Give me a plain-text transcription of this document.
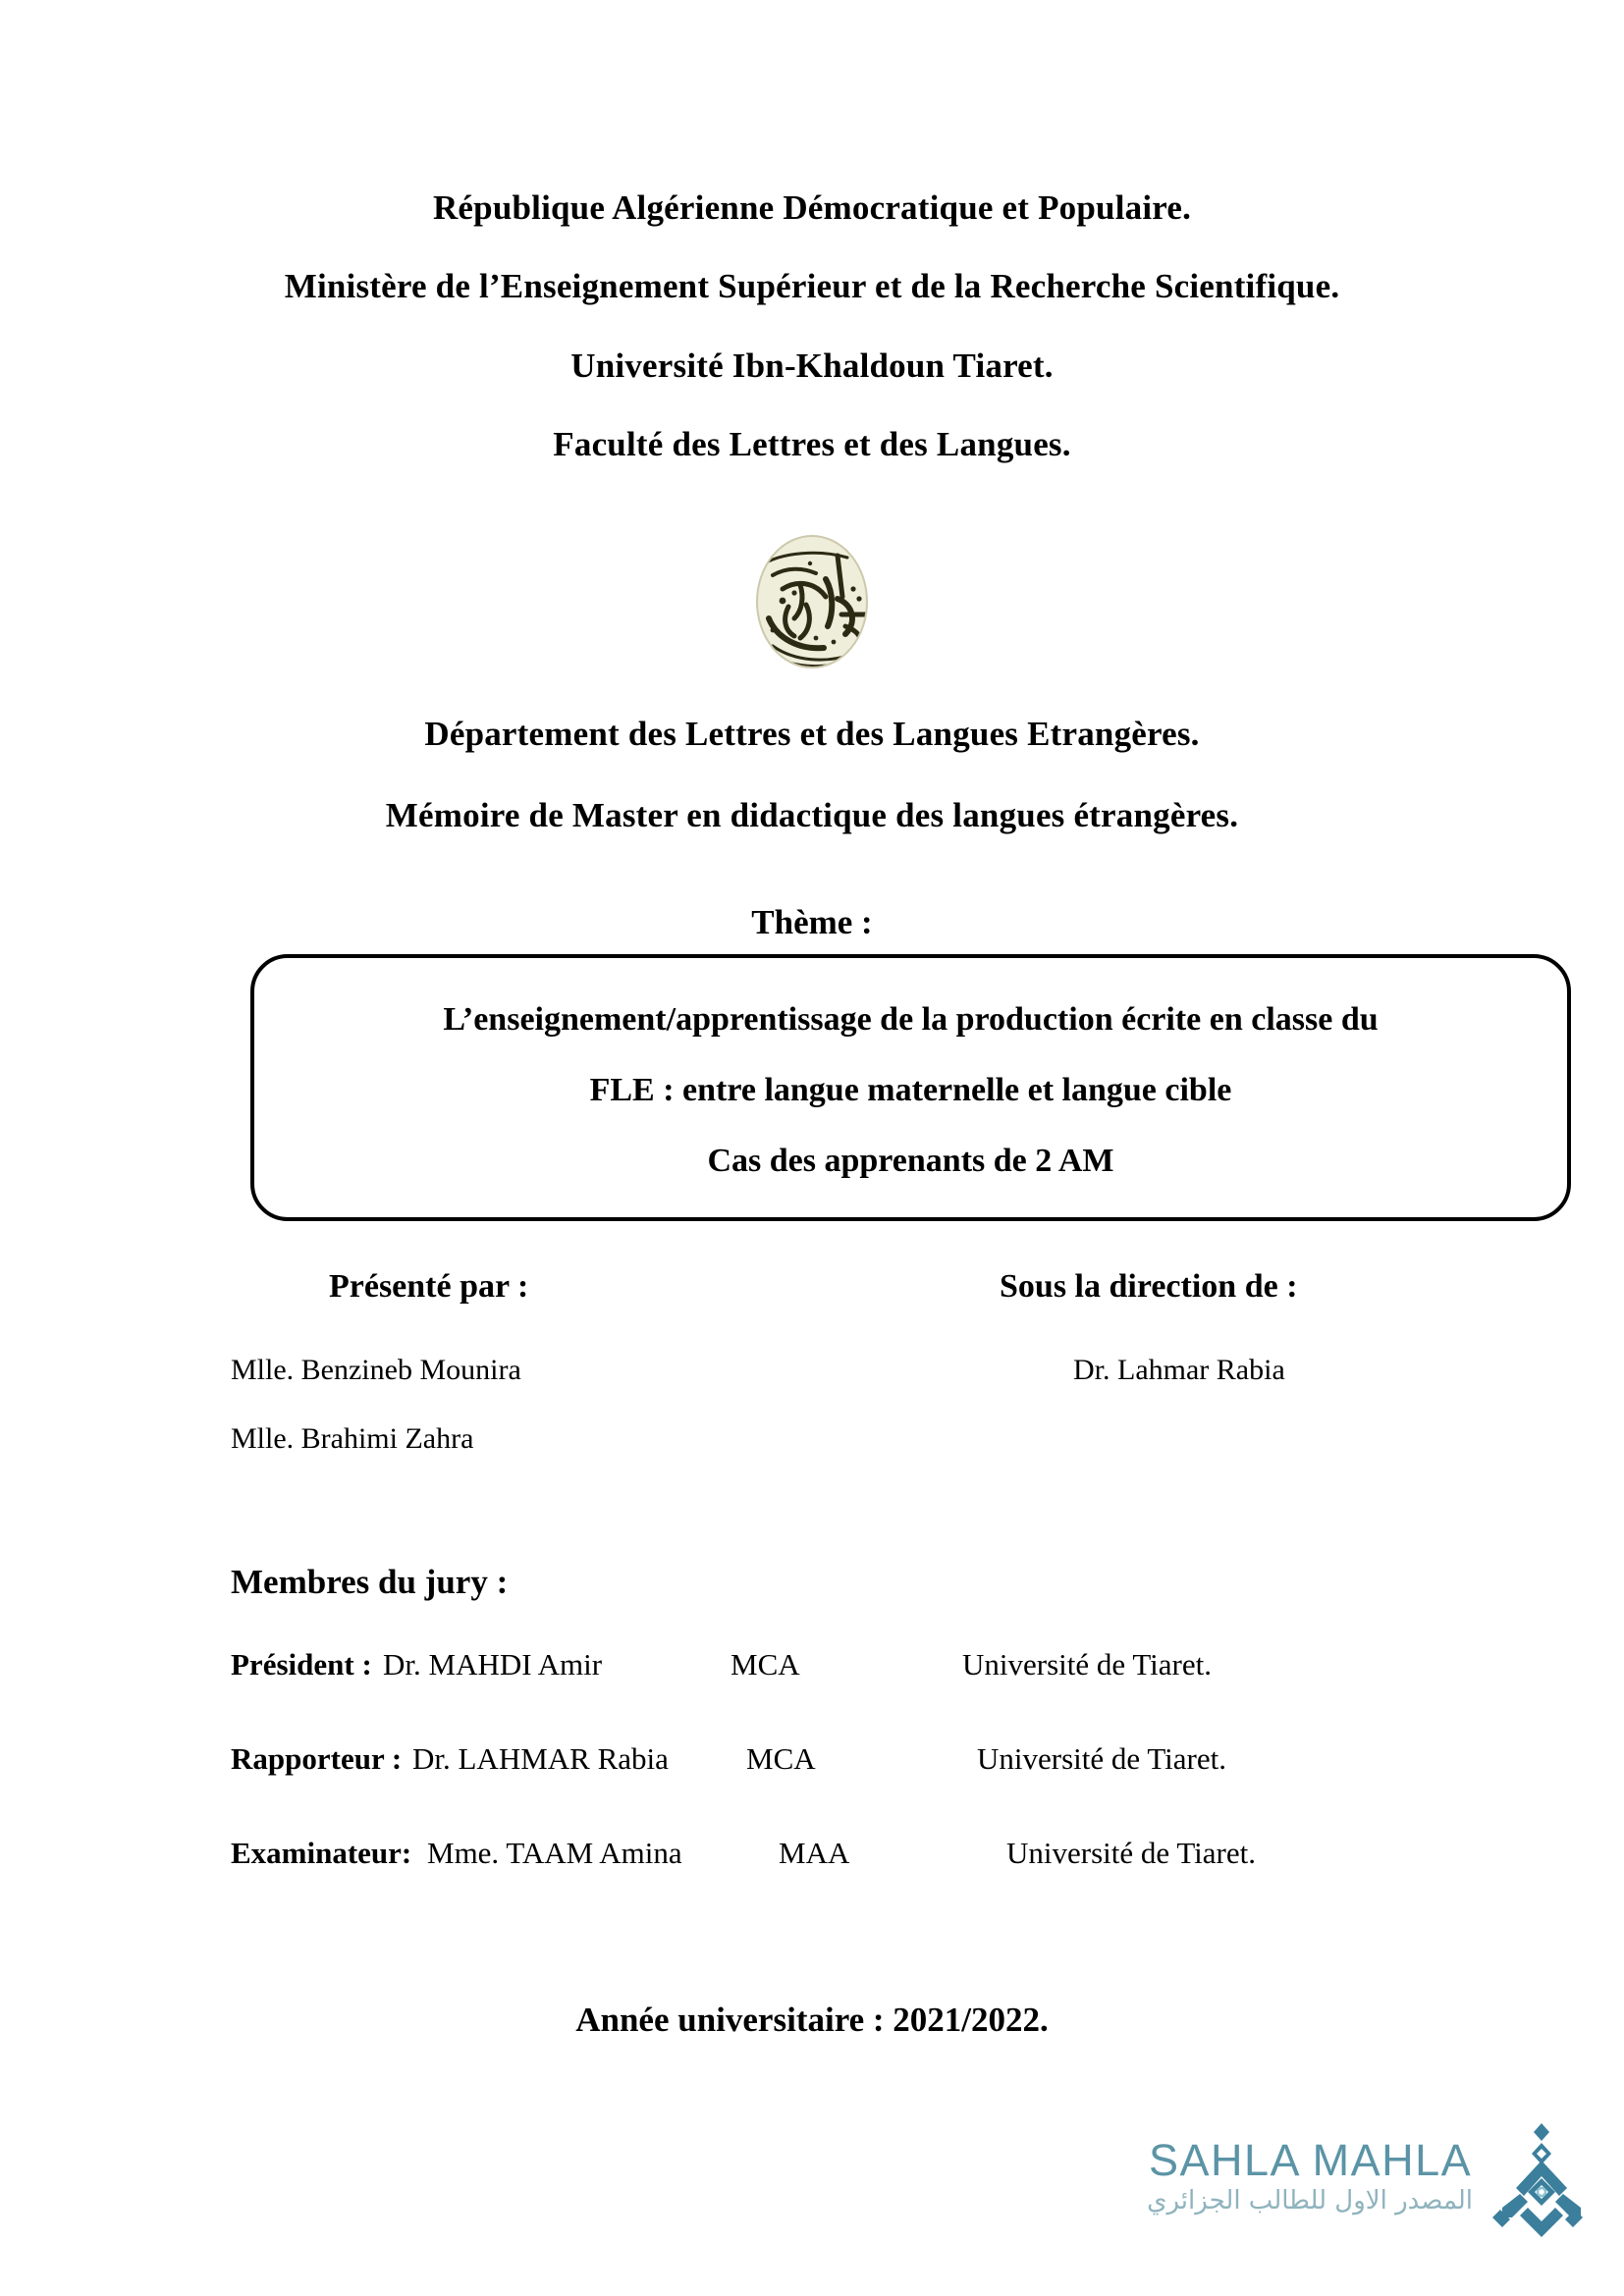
République Algérienne Démocratique et Populaire.
Ministère de l’Enseignement Supérieur et de la Recherche Scientifique.
Université Ibn-Khaldoun Tiaret.
Faculté des Lettres et des Langues.
Département des Lettres et des Langues Etrangères.
Mémoire de Master en didactique des langues étrangères.
Thème :
L’enseignement/apprentissage de la production écrite en classe du
FLE : entre langue maternelle et langue cible
Cas des apprenants de 2 AM
Présenté par :	Sous la direction de :
Mlle. Benzineb Mounira
Mlle. Brahimi Zahra
Dr. Lahmar Rabia
Membres du jury :
Président : Dr. MAHDI Amir	MCA	Université de Tiaret.
Rapporteur : Dr. LAHMAR Rabia	MCA	Université de Tiaret.
Examinateur: Mme. TAAM Amina	MAA	Université de Tiaret.
Année universitaire : 2021/2022.
SAHLA MAHLA
المصدر الاول للطالب الجزائري
